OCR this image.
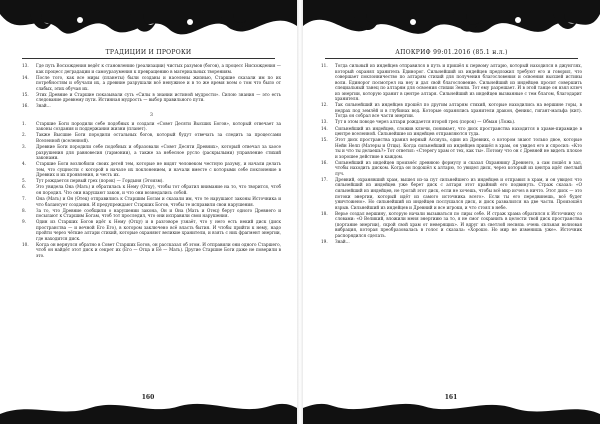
ТРАДИЦИИ И ПРОРОКИ
13.	Где путь Восхождения ведёт к становлению (реализации) чистых разумов (богов), а процесс Нисхождения — как процесс деградации и самоуразумения к превращению в материальных творениям.
14.	После того, как все миры (планеты) были созданы и населены жизнью, Старшие сказали им по их потребностям и обучали их, а древние разрушали всё ненужное и в то же время всем о том что было от слабых, этих обучая их.
15.	Этих Древние и Старшие показывали суть «Силы в знании истиной мудрости». Силою знания — это есть следование древнему пути. Истинная мудрость — выбор правильного пути.
16.	Знай...
3
1.	Старшие Боги породили себе подобных и создали «Совет Десяти Высших Богов», который отвечает за законы создания и поддержания жизни (планет).
2.	Также Высшие Боги породили остальных богов, который будут отвечать за следить за процессами Вселенной (вселенной).
3.	Древние Боги породили себе подобных и образовали «Совет Десяти Древних», который отвечал за хаосе разрушения для равновесия (гармонии), а также за небесное русло (раскрылыми) управление стихий законами.
4.	Старшие Боги возлюбили своих детей тем, которые не видят человеком честную разуму, и начали делать тем, что сущности с которой в начале их поклонением, и начали вместе с которыми себе поклонение в Древних и их проявления, и честь их.
5.	Тут рождается первый грех (порок) — Гордыня (Эгоизм).
6.	Это увидела Она (Мать) и обратилась к Нему (Отцу), чтобы тот обратил внимание на то, что творится, чтоб он породил. Что они нарушают закон, и что они вознедались собой.
7.	Она (Мать) и Он (Отец) отправились к Старшим Богам и сказали им, что те нарушают законы Источника и что балансует создания. И предупреждают Старших Богов, чтобы те исправили свои нарушения.
8.	За то, что Древние сообщили о нарушении закона, Он и Она (Мать и Отец) берут одного Древнего и посылают к Старшим Богам, чтоб тот проследил, что они исправили свои нарушения.
9.	Один из Старших Богов идёт к Нему (Отцу) и в разговоре узнаёт, что у него есть некий диск (диск пространства — и вечной Его Его), в котором заключено всё власть бытия. И чтобы прийти к нему, надо пройти через чёткие алтари стихий, которые охраняют великие хранители, и взять с них фрагмент энергии, где находится диск.
10.	Когда он вернулся обратно в Совет Старших Богов, он рассказал об этом. И отправили они одного Старшего, чтоб он найдёт этот диск и секрет их (Его — Отца и Её — Мать). Другие Старшие Боги даже не поверили в это.
160
АПОКРИФ 99:01.2016 (85.1 н.л.)
11.	Тогда сильный из индейцев отправился в путь и пришёл к первому алтарю, который находился в джунглях, который охранял хранитель Единорог. Сильнейший из индейцев предложил требуют его и говорил, что совершает поклонничество по алтарям стихий для получения благословения и освоения высшей истины воли. Единорог посмотрел на неу и дал свой благословение. Сильнейший из индейцев просит совершить специальный танец по алтарям для освоения стихии Земли. Тот ему разрешает. И в этой танце он взял ключ из энергии, которую хранит в центре алтаря. Сильнейший из индейцев вызванные с тем благом, благодарит хранителя.
12.	Так сильнейший из индейцев прошёл по другим алтарям стихий, которые находились на вершине горы, в недрах под землёй и в глубинах вод. Которые охранялись хранители дракон, феникс, гигант-мальфа (кит). Тогда он собрал все части энергии.
13.	Тут в этом поводе через алтари рождается второй грех (порок) — Обман (Ложь).
14.	Сильнейший из индейцев, сложив ключи, понимает, что диск пространства находится в храме-пирамиде в центре вселенной. Сильнейшие из индейцев отправляются туда.
15.	Этот диск пространства хранил верный Ассиуль, один из Древних, о котором знают только двое, которые Нейн Нелп (Матеры и Отцы). Когда сильнейший из индейцев пришёл в храм, он увидел его и спросил: «Кто ты и что ты делаешь?» Тот ответил: «Стерегу храм от тех, как ты». Потому что он с Древней не видеть плохое и хорошее действие в каждом.
16.	Сильнейший из индейцев произнёс древнюю формулу и сказал Охраннику Древнего, а сам пошёл в зал, чтобы находить диском. Когда он подошёл к алтарю, то увидел диск, через который из центра идёт светлый луч.
17.	Древний, охранявший храм, вышел из-за пут сильнейшего из индейцев и отправил в храм, и он увидел что сильнейший из индейцев уже берет диск с алтаря этот крайний его подвинуть. Страж сказал: «О сильнейший из индейцев, не трогай этот диск, если не хочешь, чтобы всё мир исчез в ничто. Этот диск — это потоки энергии, который идёт из самого источника всего». Если ты его передвинешь, всё будет уничтожено». Но сильнейший из индейцев послушался диск, и диск развалился на две части. Произошёл взрыв. Сильнейший из индейцев и Древний и все игроки, и что стоял в небе.
18.	Верье создал вершину, которую начали вызываться по лиры себе. И страж храма обратился к Источнику со словами: «О Великий, вложили меня энергиию за то, я не смог сохранить в целости твой диск пространства (портание энергии), скрой свой храм от неверящих». И вдруг из светлой несвязь очень сильная волновая вибрация, которая преобразовалась в голос и сказала: «Хорошо. Но мир не изменишь уже». Источник распорядился сделать.
19.	Знай...
161
